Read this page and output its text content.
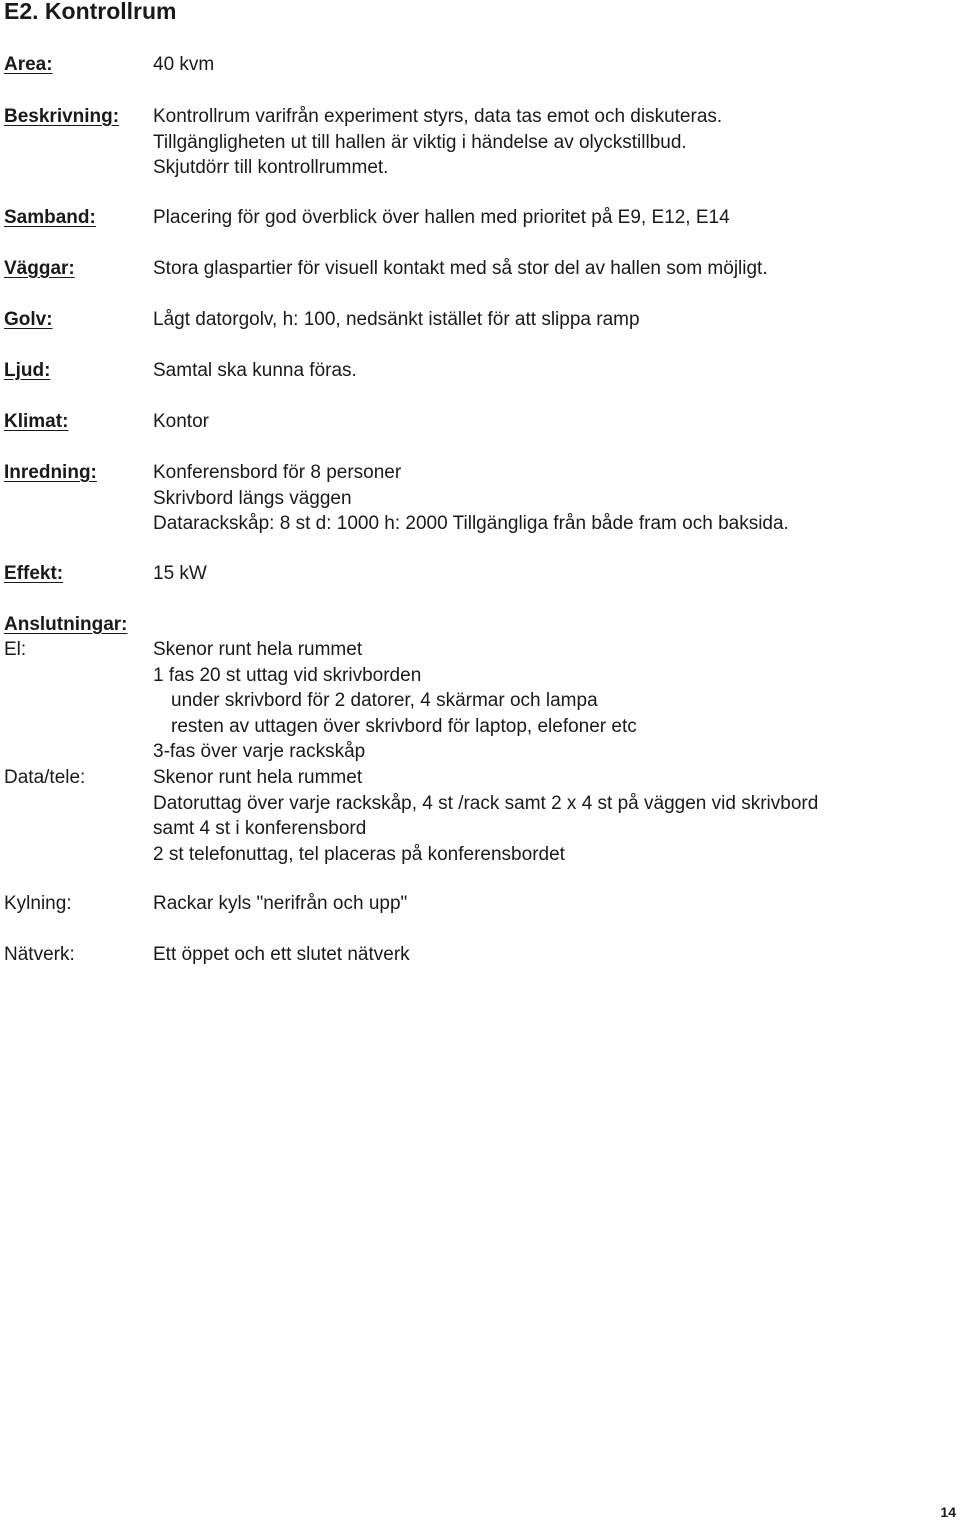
E2. Kontrollrum
Area:	40 kvm
Beskrivning: Kontrollrum varifrån experiment styrs, data tas emot och diskuteras.
Tillgängligheten ut till hallen är viktig i händelse av olyckstillbud.
Skjutdörr till kontrollrummet.
Samband:	Placering för god överblick över hallen med prioritet på E9, E12, E14
Väggar:	Stora glaspartier för visuell kontakt med så stor del av hallen som möjligt.
Golv:	Lågt datorgolv, h: 100, nedsänkt istället för att slippa ramp
Ljud:	Samtal ska kunna föras.
Klimat:	Kontor
Inredning:	Konferensbord för 8 personer
Skrivbord längs väggen
Datarackskåp: 8 st d: 1000 h: 2000 Tillgängliga från både fram och baksida.
Effekt:	15 kW
Anslutningar:
El:	Skenor runt hela rummet
1 fas 20 st uttag vid skrivborden
under skrivbord för 2 datorer, 4 skärmar och lampa
resten av uttagen över skrivbord för laptop, elefoner etc
3-fas över varje rackskåp
Data/tele:	Skenor runt hela rummet
Datoruttag över varje rackskåp, 4 st /rack samt 2 x 4 st på väggen vid skrivbord
samt 4 st i konferensbord
2 st telefonuttag, tel placeras på konferensbordet
Kylning:	Rackar kyls "nerifrån och upp"
Nätverk:	Ett öppet och ett slutet nätverk
14
